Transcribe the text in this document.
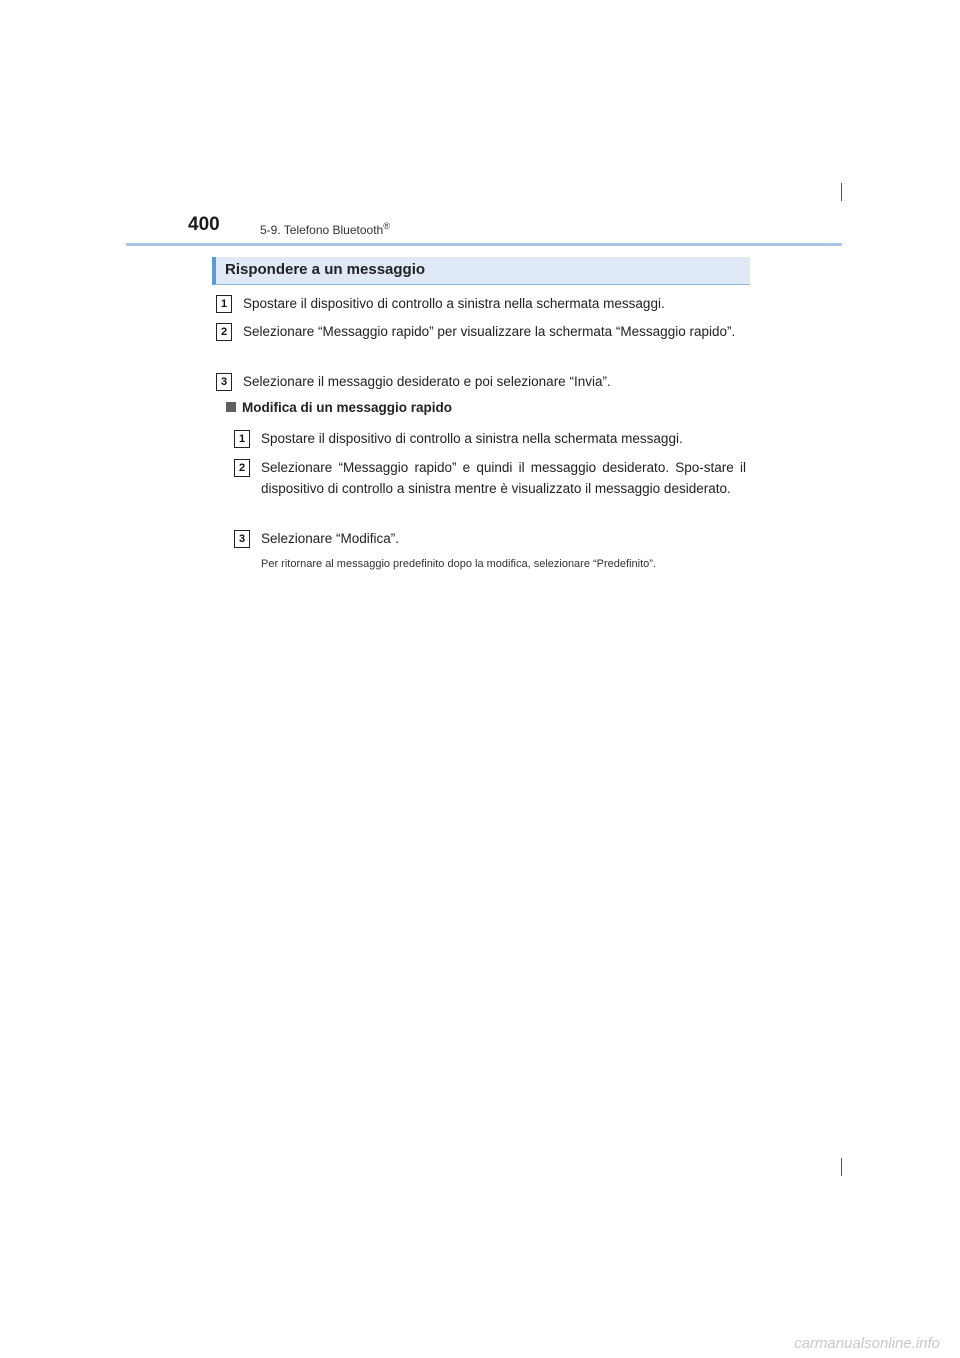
400	5-9. Telefono Bluetooth®
Rispondere a un messaggio
1	Spostare il dispositivo di controllo a sinistra nella schermata messaggi.
2	Selezionare “Messaggio rapido” per visualizzare la schermata “Messaggio rapido”.
3	Selezionare il messaggio desiderato e poi selezionare “Invia”.
Modifica di un messaggio rapido
1	Spostare il dispositivo di controllo a sinistra nella schermata messaggi.
2	Selezionare “Messaggio rapido” e quindi il messaggio desiderato. Spo-stare il dispositivo di controllo a sinistra mentre è visualizzato il messaggio desiderato.
3	Selezionare “Modifica”.
Per ritornare al messaggio predefinito dopo la modifica, selezionare “Predefinito”.
carmanualsonline.info
